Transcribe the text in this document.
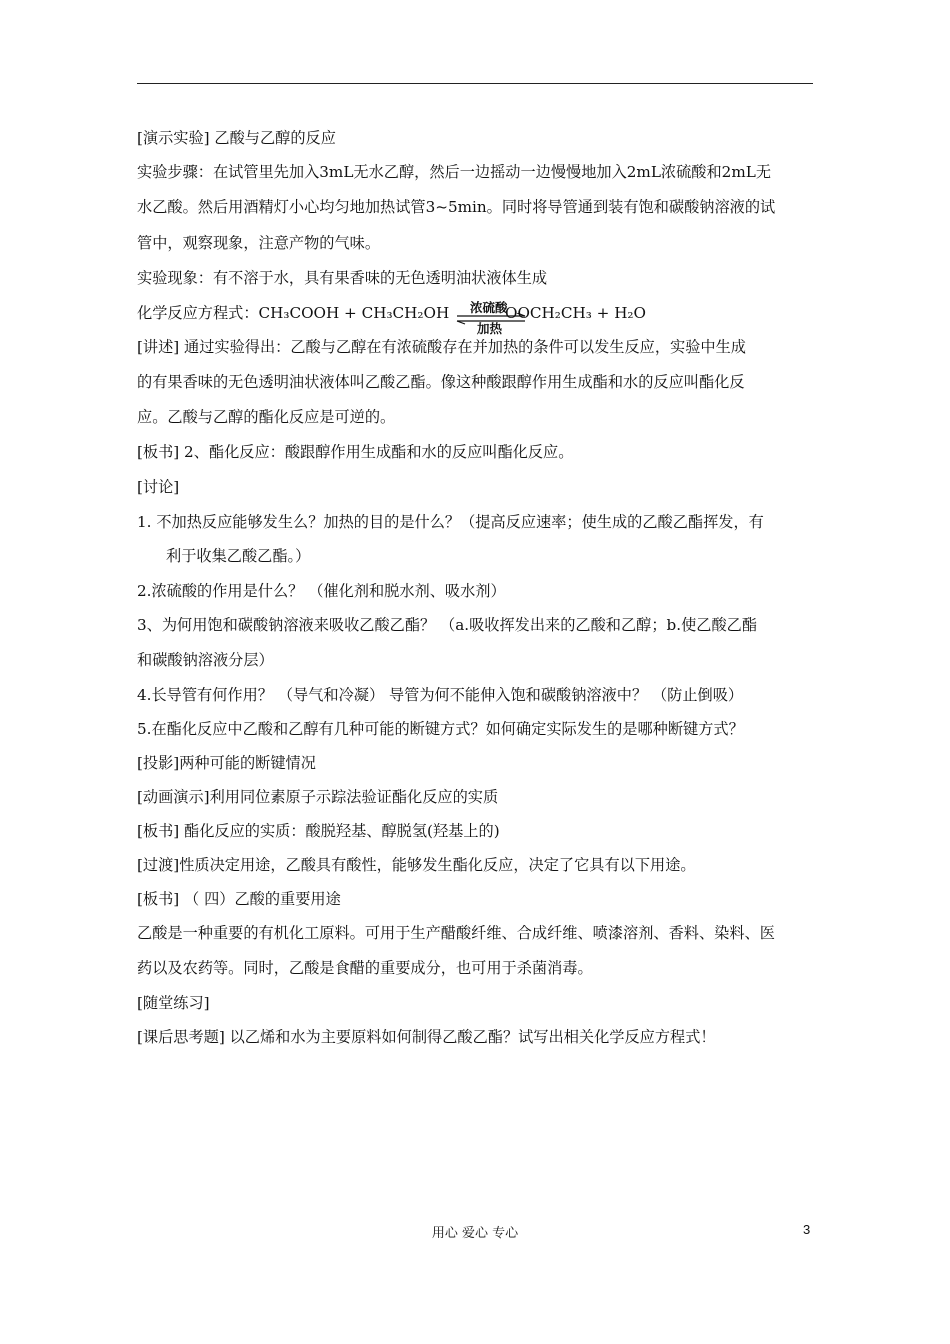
[演示实验] 乙酸与乙醇的反应
实验步骤：在试管里先加入3mL无水乙醇，然后一边摇动一边慢慢地加入2mL浓硫酸和2mL无
水乙酸。然后用酒精灯小心均匀地加热试管3~5min。同时将导管通到装有饱和碳酸钠溶液的试
管中，观察现象，注意产物的气味。
实验现象：有不溶于水，具有果香味的无色透明油状液体生成
化学反应方程式：CH₃COOH + CH₃CH₂OH 浓硫酸
加热
OOCH₂CH₃ + H₂O
[讲述] 通过实验得出：乙酸与乙醇在有浓硫酸存在并加热的条件可以发生反应，实验中生成
的有果香味的无色透明油状液体叫乙酸乙酯。像这种酸跟醇作用生成酯和水的反应叫酯化反
应。乙酸与乙醇的酯化反应是可逆的。
[板书] 2、酯化反应：酸跟醇作用生成酯和水的反应叫酯化反应。
[讨论]
1. 不加热反应能够发生么？加热的目的是什么？（提高反应速率；使生成的乙酸乙酯挥发，有
利于收集乙酸乙酯。）
2.浓硫酸的作用是什么？ （催化剂和脱水剂、吸水剂）
3、为何用饱和碳酸钠溶液来吸收乙酸乙酯？ （a.吸收挥发出来的乙酸和乙醇；b.使乙酸乙酯
和碳酸钠溶液分层）
4.长导管有何作用？ （导气和冷凝） 导管为何不能伸入饱和碳酸钠溶液中？ （防止倒吸）
5.在酯化反应中乙酸和乙醇有几种可能的断键方式？如何确定实际发生的是哪种断键方式？
[投影]两种可能的断键情况
[动画演示]利用同位素原子示踪法验证酯化反应的实质
[板书] 酯化反应的实质：酸脱羟基、醇脱氢(羟基上的)
[过渡]性质决定用途，乙酸具有酸性，能够发生酯化反应，决定了它具有以下用途。
[板书] （ 四）乙酸的重要用途
乙酸是一种重要的有机化工原料。可用于生产醋酸纤维、合成纤维、喷漆溶剂、香料、染料、医
药以及农药等。同时，乙酸是食醋的重要成分，也可用于杀菌消毒。
[随堂练习]
[课后思考题] 以乙烯和水为主要原料如何制得乙酸乙酯？试写出相关化学反应方程式！
用心 爱心 专心	3
